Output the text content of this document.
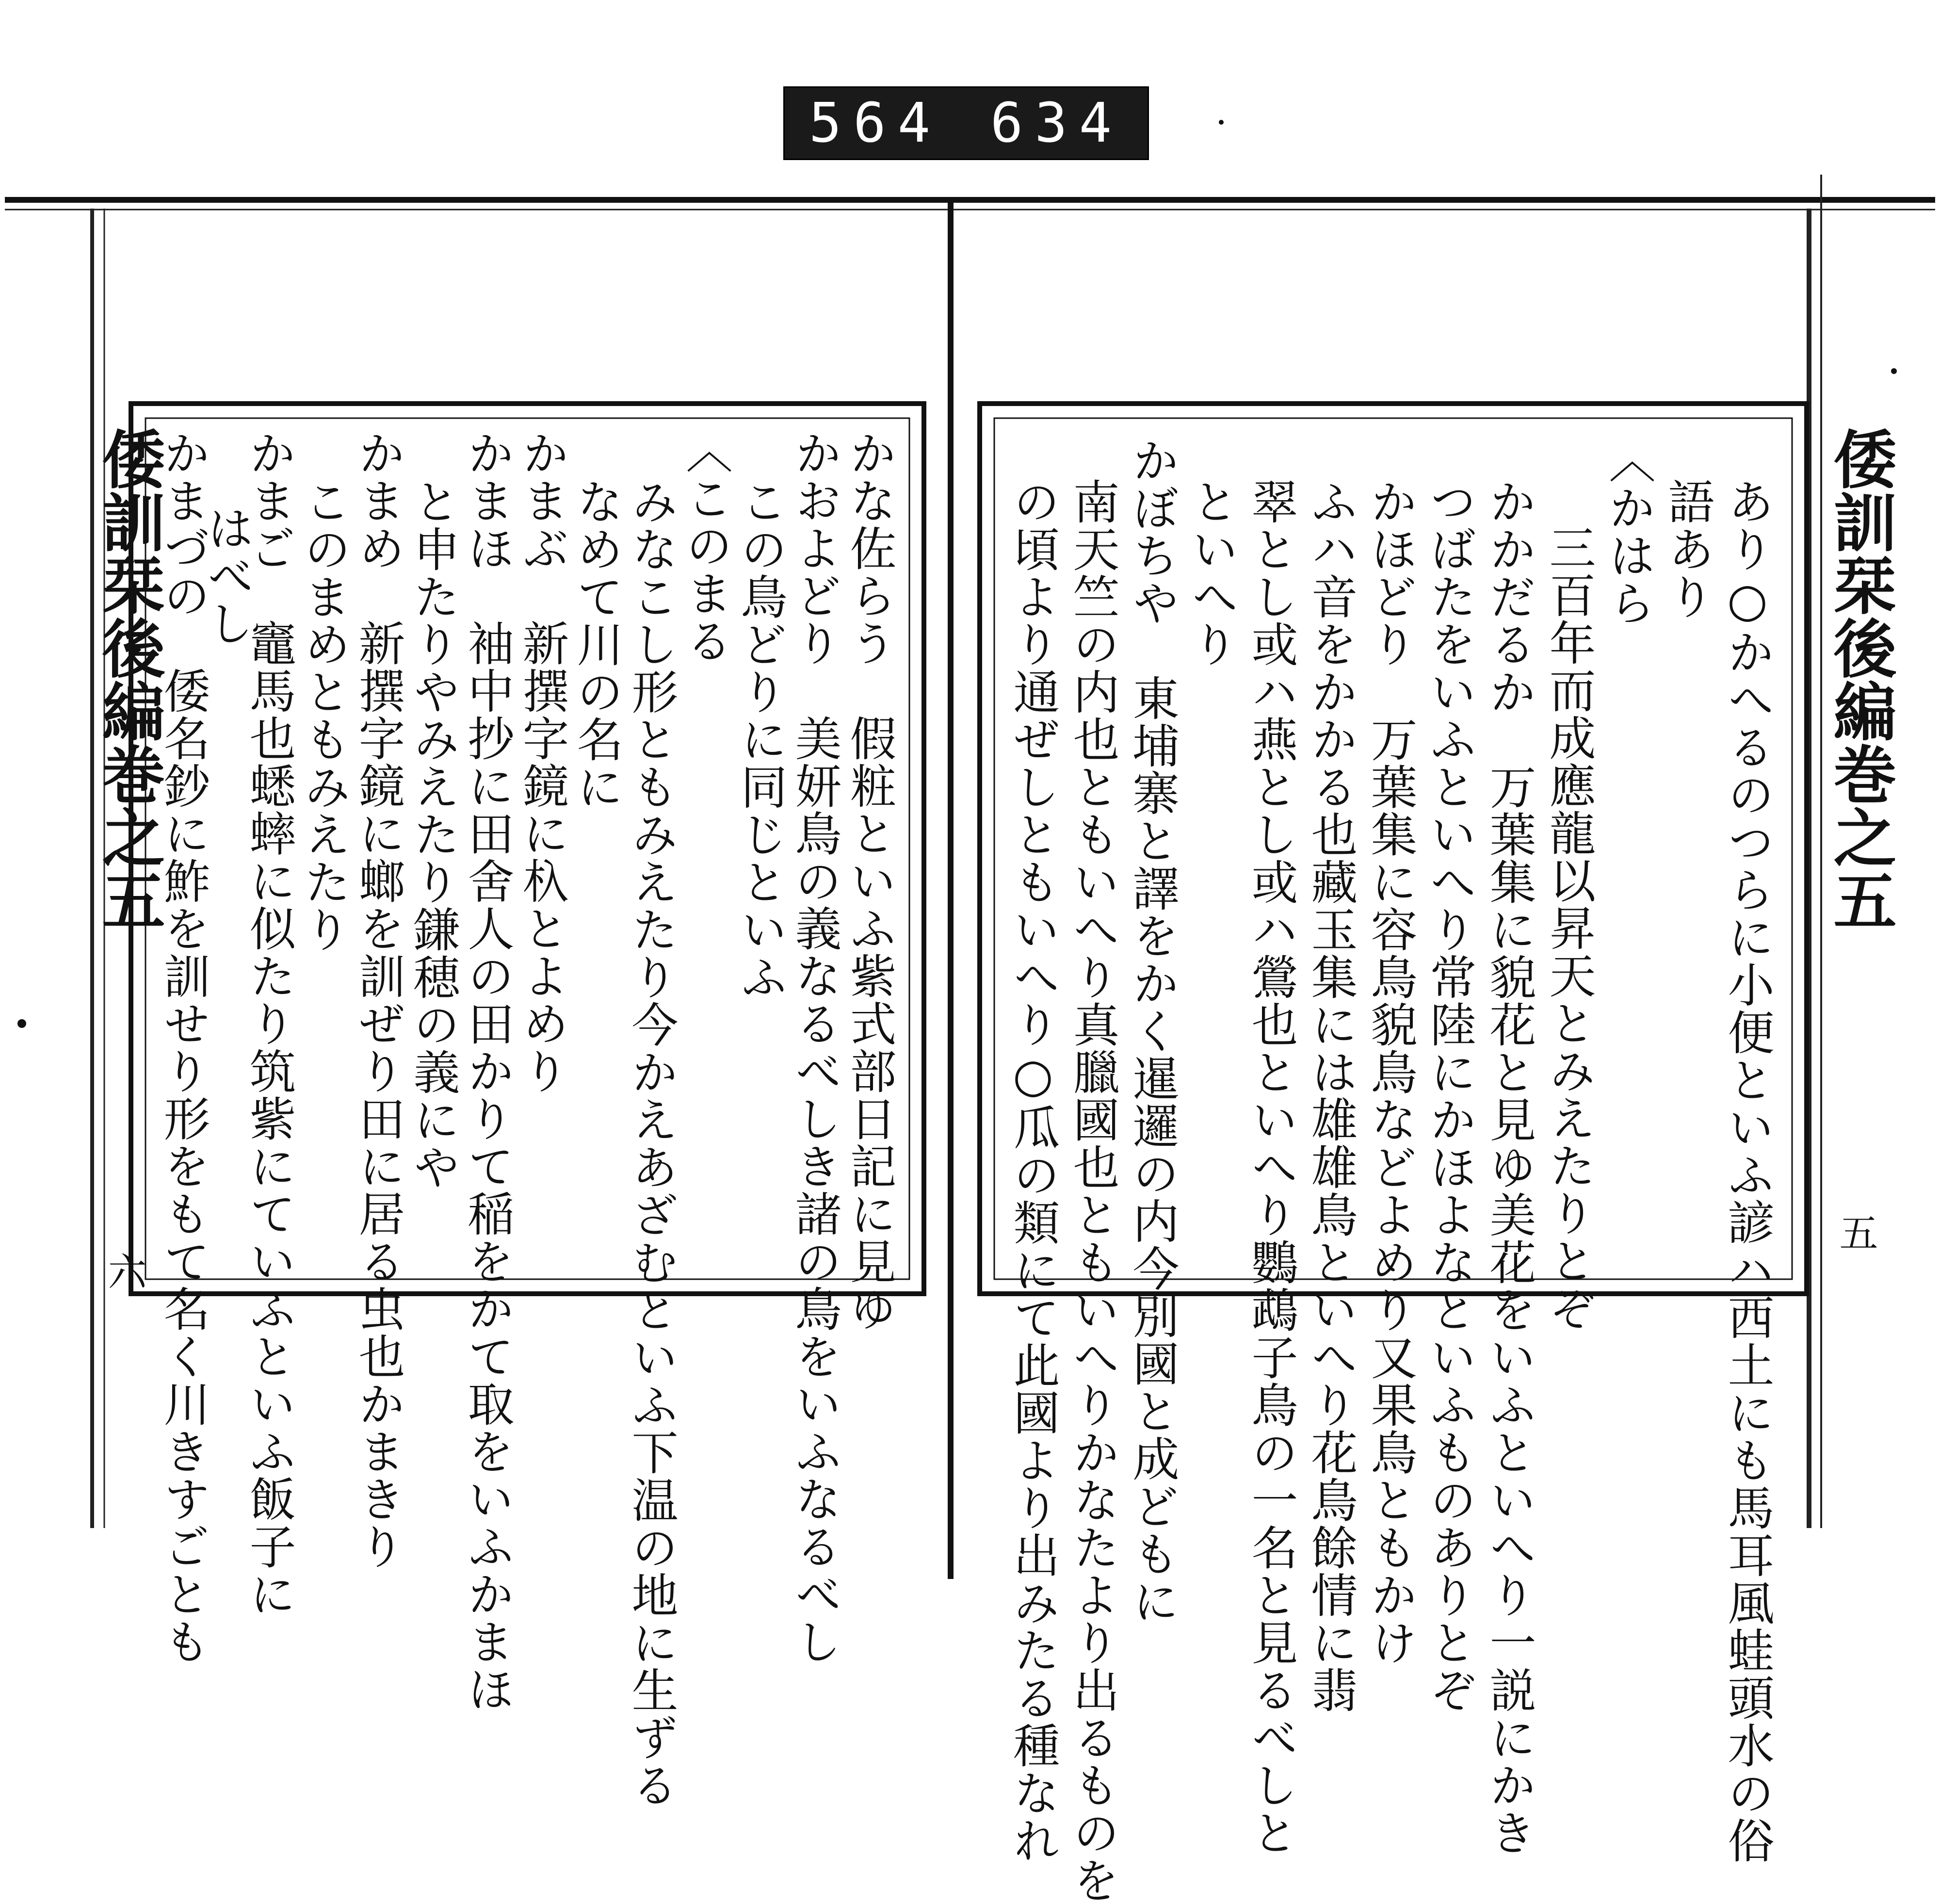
564 634
倭訓栞後編巻之五
五
倭訓栞後編巻之五
六	あり○かへるのつらに小便といふ諺ハ西土にも馬耳風蛙頭水の俗
語あり
〈かはら
三百年而成應龍以昇天とみえたりとぞ
かかだるか　万葉集に貌花と見ゆ美花をいふといへり一説にかき
つばたをいふといへり常陸にかほよなといふものありとぞ
かほどり　万葉集に容鳥貌鳥などよめり又果鳥ともかけ
ふハ音をかかる也藏玉集には雄雄鳥といへり花鳥餘情に翡
翠とし或ハ燕とし或ハ鶯也といへり鸚鵡子鳥の一名と見るべしと
といへり
かぼちや　東埔寨と譯をかく暹邏の内今別國と成どもに
南天竺の内也ともいへり真臘國也ともいへりかなたより出るものを
の頃より通ぜしともいへり○瓜の類にて此國より出みたる種なれ
かな佐らう　假粧といふ紫式部日記に見ゆ
かおよどり　美妍鳥の義なるべしき諸の鳥をいふなるべし
この鳥どりに同じといふ
〈このまる
みなこし形ともみえたり今かえあざむといふ下温の地に生ずる
なめて川の名に
かまぶ　新撰字鏡に杁とよめり
かまほ　袖中抄に田舍人の田かりて稲をかて取をいふかまほ
と申たりやみえたり鎌穂の義にや
かまめ　新撰字鏡に螂を訓ぜり田に居る虫也かまきり
このまめともみえたり
かまご　竈馬也蟋蟀に似たり筑紫にていふといふ飯子に
はべし
かまづの　倭名鈔に鮓を訓せり形をもて名く川きすごとも
